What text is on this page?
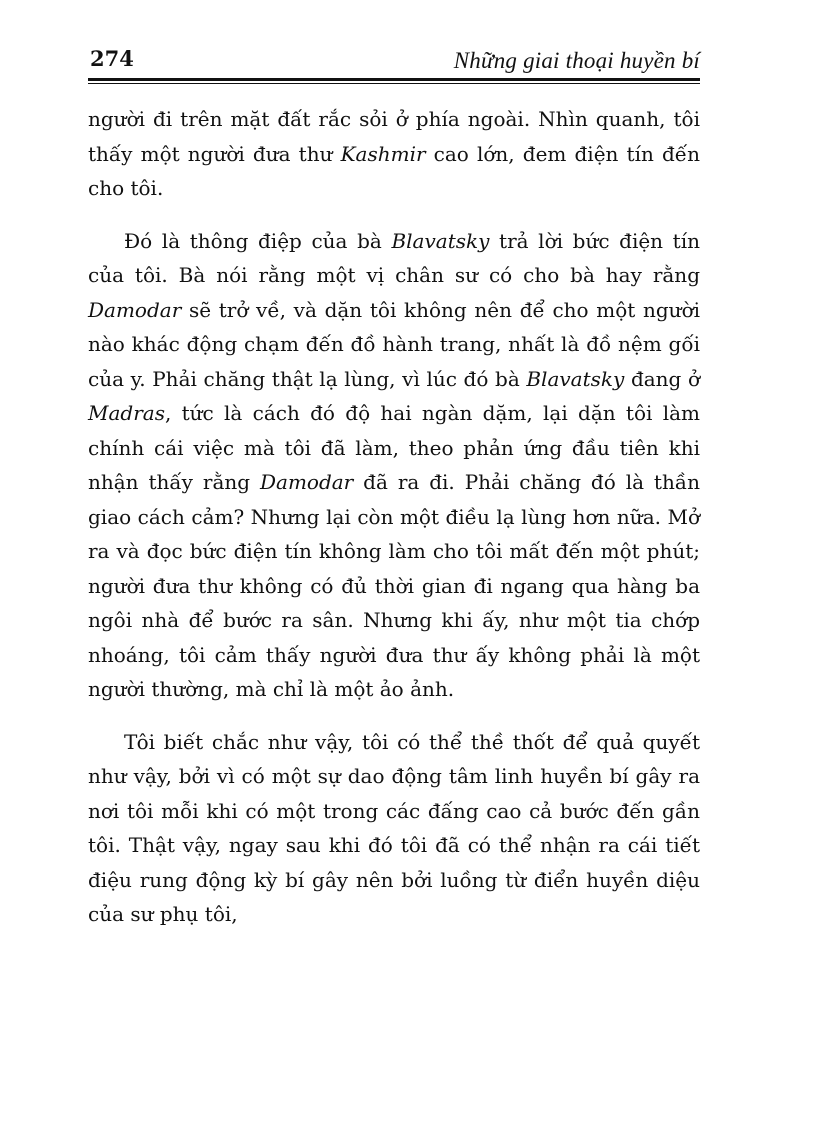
274	Những giai thoại huyền bí

người đi trên mặt đất rắc sỏi ở phía ngoài. Nhìn quanh, tôi thấy một người đưa thư Kashmir cao lớn, đem điện tín đến cho tôi.

Đó là thông điệp của bà Blavatsky trả lời bức điện tín của tôi. Bà nói rằng một vị chân sư có cho bà hay rằng Damodar sẽ trở về, và dặn tôi không nên để cho một người nào khác động chạm đến đồ hành trang, nhất là đồ nệm gối của y. Phải chăng thật lạ lùng, vì lúc đó bà Blavatsky đang ở Madras, tức là cách đó độ hai ngàn dặm, lại dặn tôi làm chính cái việc mà tôi đã làm, theo phản ứng đầu tiên khi nhận thấy rằng Damodar đã ra đi. Phải chăng đó là thần giao cách cảm? Nhưng lại còn một điều lạ lùng hơn nữa. Mở ra và đọc bức điện tín không làm cho tôi mất đến một phút; người đưa thư không có đủ thời gian đi ngang qua hàng ba ngôi nhà để bước ra sân. Nhưng khi ấy, như một tia chớp nhoáng, tôi cảm thấy người đưa thư ấy không phải là một người thường, mà chỉ là một ảo ảnh.

Tôi biết chắc như vậy, tôi có thể thề thốt để quả quyết như vậy, bởi vì có một sự dao động tâm linh huyền bí gây ra nơi tôi mỗi khi có một trong các đấng cao cả bước đến gần tôi. Thật vậy, ngay sau khi đó tôi đã có thể nhận ra cái tiết điệu rung động kỳ bí gây nên bởi luồng từ điển huyền diệu của sư phụ tôi,
